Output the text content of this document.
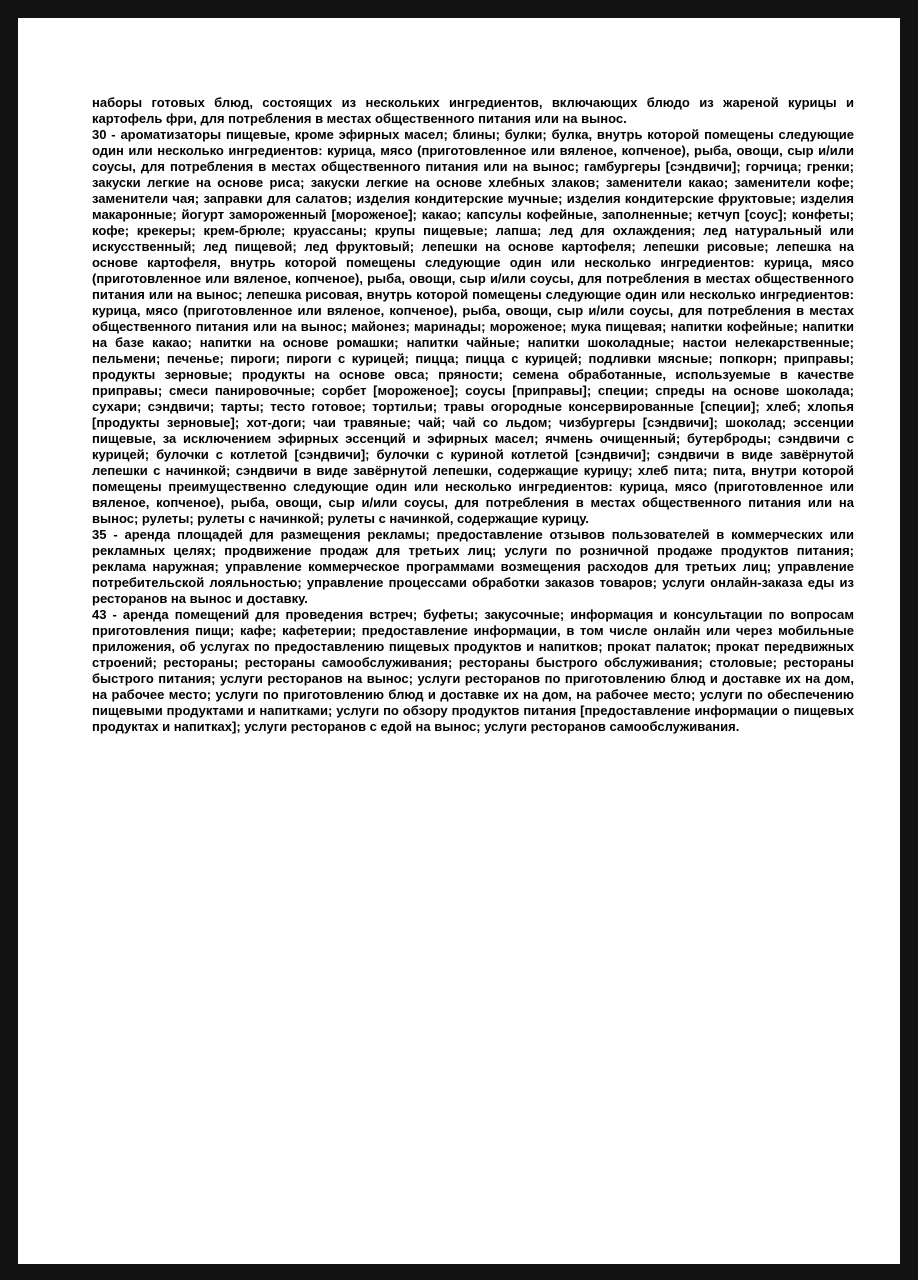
наборы готовых блюд, состоящих из нескольких ингредиентов, включающих блюдо из жареной курицы и картофель фри, для потребления в местах общественного питания или на вынос.

30 - ароматизаторы пищевые, кроме эфирных масел; блины; булки; булка, внутрь которой помещены следующие один или несколько ингредиентов: курица, мясо (приготовленное или вяленое, копченое), рыба, овощи, сыр и/или соусы, для потребления в местах общественного питания или на вынос; гамбургеры [сэндвичи]; горчица; гренки; закуски легкие на основе риса; закуски легкие на основе хлебных злаков; заменители какао; заменители кофе; заменители чая; заправки для салатов; изделия кондитерские мучные; изделия кондитерские фруктовые; изделия макаронные; йогурт замороженный [мороженое]; какао; капсулы кофейные, заполненные; кетчуп [соус]; конфеты; кофе; крекеры; крем-брюле; круассаны; крупы пищевые; лапша; лед для охлаждения; лед натуральный или искусственный; лед пищевой; лед фруктовый; лепешки на основе картофеля; лепешки рисовые; лепешка на основе картофеля, внутрь которой помещены следующие один или несколько ингредиентов: курица, мясо (приготовленное или вяленое, копченое), рыба, овощи, сыр и/или соусы, для потребления в местах общественного питания или на вынос; лепешка рисовая, внутрь которой помещены следующие один или несколько ингредиентов: курица, мясо (приготовленное или вяленое, копченое), рыба, овощи, сыр и/или соусы, для потребления в местах общественного питания или на вынос; майонез; маринады; мороженое; мука пищевая; напитки кофейные; напитки на базе какао; напитки на основе ромашки; напитки чайные; напитки шоколадные; настои нелекарственные; пельмени; печенье; пироги; пироги с курицей; пицца; пицца с курицей; подливки мясные; попкорн; приправы; продукты зерновые; продукты на основе овса; пряности; семена обработанные, используемые в качестве приправы; смеси панировочные; сорбет [мороженое]; соусы [приправы]; специи; спреды на основе шоколада; сухари; сэндвичи; тарты; тесто готовое; тортильи; травы огородные консервированные [специи]; хлеб; хлопья [продукты зерновые]; хот-доги; чаи травяные; чай; чай со льдом; чизбургеры [сэндвичи]; шоколад; эссенции пищевые, за исключением эфирных эссенций и эфирных масел; ячмень очищенный; бутерброды; сэндвичи с курицей; булочки с котлетой [сэндвичи]; булочки с куриной котлетой [сэндвичи]; сэндвичи в виде завёрнутой лепешки с начинкой; сэндвичи в виде завёрнутой лепешки, содержащие курицу; хлеб пита; пита, внутри которой помещены преимущественно следующие один или несколько ингредиентов: курица, мясо (приготовленное или вяленое, копченое), рыба, овощи, сыр и/или соусы, для потребления в местах общественного питания или на вынос; рулеты; рулеты с начинкой; рулеты с начинкой, содержащие курицу.

35 - аренда площадей для размещения рекламы; предоставление отзывов пользователей в коммерческих или рекламных целях; продвижение продаж для третьих лиц; услуги по розничной продаже продуктов питания; реклама наружная; управление коммерческое программами возмещения расходов для третьих лиц; управление потребительской лояльностью; управление процессами обработки заказов товаров; услуги онлайн-заказа еды из ресторанов на вынос и доставку.

43 - аренда помещений для проведения встреч; буфеты; закусочные; информация и консультации по вопросам приготовления пищи; кафе; кафетерии; предоставление информации, в том числе онлайн или через мобильные приложения, об услугах по предоставлению пищевых продуктов и напитков; прокат палаток; прокат передвижных строений; рестораны; рестораны самообслуживания; рестораны быстрого обслуживания; столовые; рестораны быстрого питания; услуги ресторанов на вынос; услуги ресторанов по приготовлению блюд и доставке их на дом, на рабочее место; услуги по приготовлению блюд и доставке их на дом, на рабочее место; услуги по обеспечению пищевыми продуктами и напитками; услуги по обзору продуктов питания [предоставление информации о пищевых продуктах и напитках]; услуги ресторанов с едой на вынос; услуги ресторанов самообслуживания.
